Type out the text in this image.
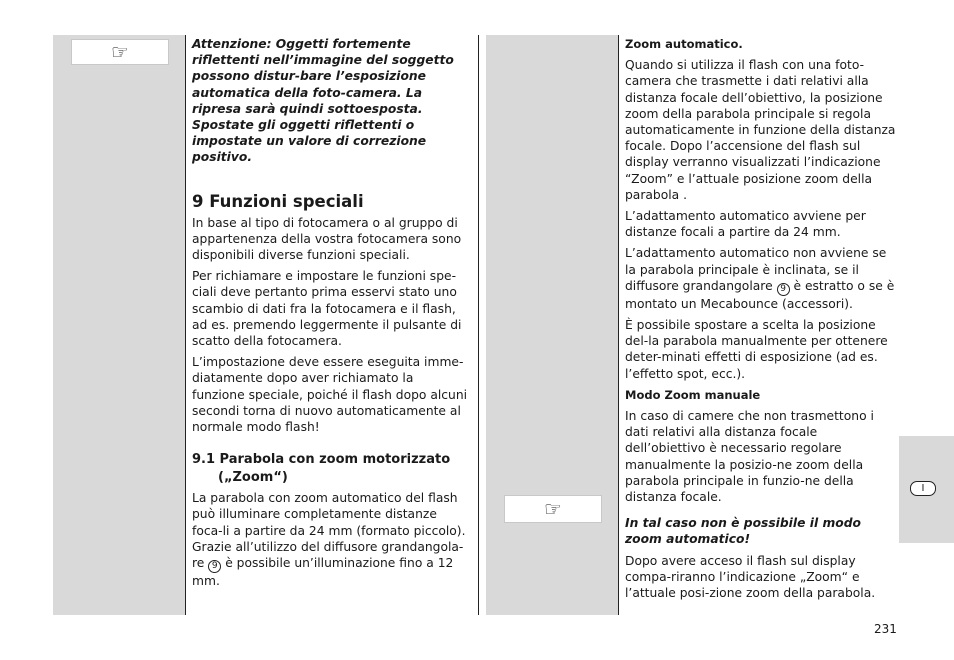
☞
☞

Attenzione: Oggetti fortemente riflettenti nell’immagine del soggetto possono distur-bare l’esposizione automatica della foto-camera. La ripresa sarà quindi sottoesposta. Spostate gli oggetti riflettenti o impostate un valore di correzione positivo.

9 Funzioni speciali

In base al tipo di fotocamera o al gruppo di appartenenza della vostra fotocamera sono disponibili diverse funzioni speciali.

Per richiamare e impostare le funzioni spe-ciali deve pertanto prima esservi stato uno scambio di dati fra la fotocamera e il flash, ad es. premendo leggermente il pulsante di scatto della fotocamera.

L’impostazione deve essere eseguita imme-diatamente dopo aver richiamato la funzione speciale, poiché il flash dopo alcuni secondi torna di nuovo automaticamente al normale modo flash!

9.1 Parabola con zoom motorizzato
(„Zoom“)

La parabola con zoom automatico del flash può illuminare completamente distanze foca-li a partire da 24 mm (formato piccolo). Grazie all’utilizzo del diffusore grandangola-re 9 è possibile un’illuminazione fino a 12 mm.

Zoom automatico.

Quando si utilizza il flash con una foto-camera che trasmette i dati relativi alla distanza focale dell’obiettivo, la posizione zoom della parabola principale si regola automaticamente in funzione della distanza focale. Dopo l’accensione del flash sul display verranno visualizzati l’indicazione “Zoom” e l’attuale posizione zoom della parabola .

L’adattamento automatico avviene per distanze focali a partire da 24 mm.

L’adattamento automatico non avviene se la parabola principale è inclinata, se il diffusore grandangolare 9 è estratto o se è montato un Mecabounce (accessori).

È possibile spostare a scelta la posizione del-la parabola manualmente per ottenere deter-minati effetti di esposizione (ad es. l’effetto spot, ecc.).

Modo Zoom manuale

In caso di camere che non trasmettono i dati relativi alla distanza focale dell’obiettivo è necessario regolare manualmente la posizio-ne zoom della parabola principale in funzio-ne della distanza focale.

In tal caso non è possibile il modo zoom automatico!

Dopo avere acceso il flash sul display compa-riranno l’indicazione „Zoom“ e l’attuale posi-zione zoom della parabola.

I
231
